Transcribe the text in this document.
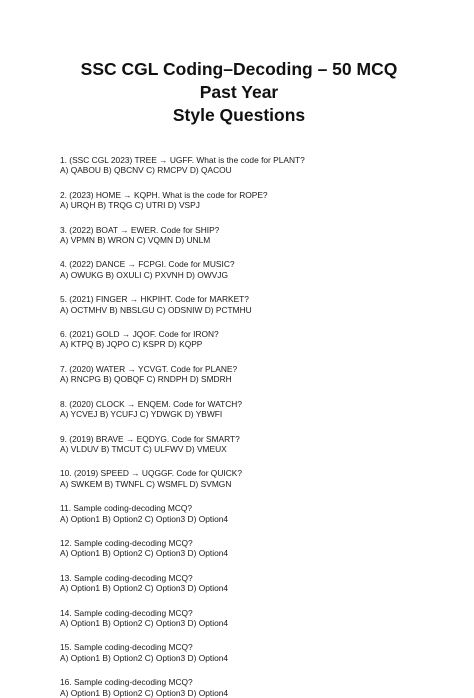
SSC CGL Coding–Decoding – 50 MCQ Past Year
Style Questions
1. (SSC CGL 2023) TREE → UGFF. What is the code for PLANT?
A) QABOU B) QBCNV C) RMCPV D) QACOU
2. (2023) HOME → KQPH. What is the code for ROPE?
A) URQH B) TRQG C) UTRI D) VSPJ
3. (2022) BOAT → EWER. Code for SHIP?
A) VPMN B) WRON C) VQMN D) UNLM
4. (2022) DANCE → FCPGI. Code for MUSIC?
A) OWUKG B) OXULI C) PXVNH D) OWVJG
5. (2021) FINGER → HKPIHT. Code for MARKET?
A) OCTMHV B) NBSLGU C) ODSNIW D) PCTMHU
6. (2021) GOLD → JQOF. Code for IRON?
A) KTPQ B) JQPO C) KSPR D) KQPP
7. (2020) WATER → YCVGT. Code for PLANE?
A) RNCPG B) QOBQF C) RNDPH D) SMDRH
8. (2020) CLOCK → ENQEM. Code for WATCH?
A) YCVEJ B) YCUFJ C) YDWGK D) YBWFI
9. (2019) BRAVE → EQDYG. Code for SMART?
A) VLDUV B) TMCUT C) ULFWV D) VMEUX
10. (2019) SPEED → UQGGF. Code for QUICK?
A) SWKEM B) TWNFL C) WSMFL D) SVMGN
11. Sample coding-decoding MCQ?
A) Option1 B) Option2 C) Option3 D) Option4
12. Sample coding-decoding MCQ?
A) Option1 B) Option2 C) Option3 D) Option4
13. Sample coding-decoding MCQ?
A) Option1 B) Option2 C) Option3 D) Option4
14. Sample coding-decoding MCQ?
A) Option1 B) Option2 C) Option3 D) Option4
15. Sample coding-decoding MCQ?
A) Option1 B) Option2 C) Option3 D) Option4
16. Sample coding-decoding MCQ?
A) Option1 B) Option2 C) Option3 D) Option4
